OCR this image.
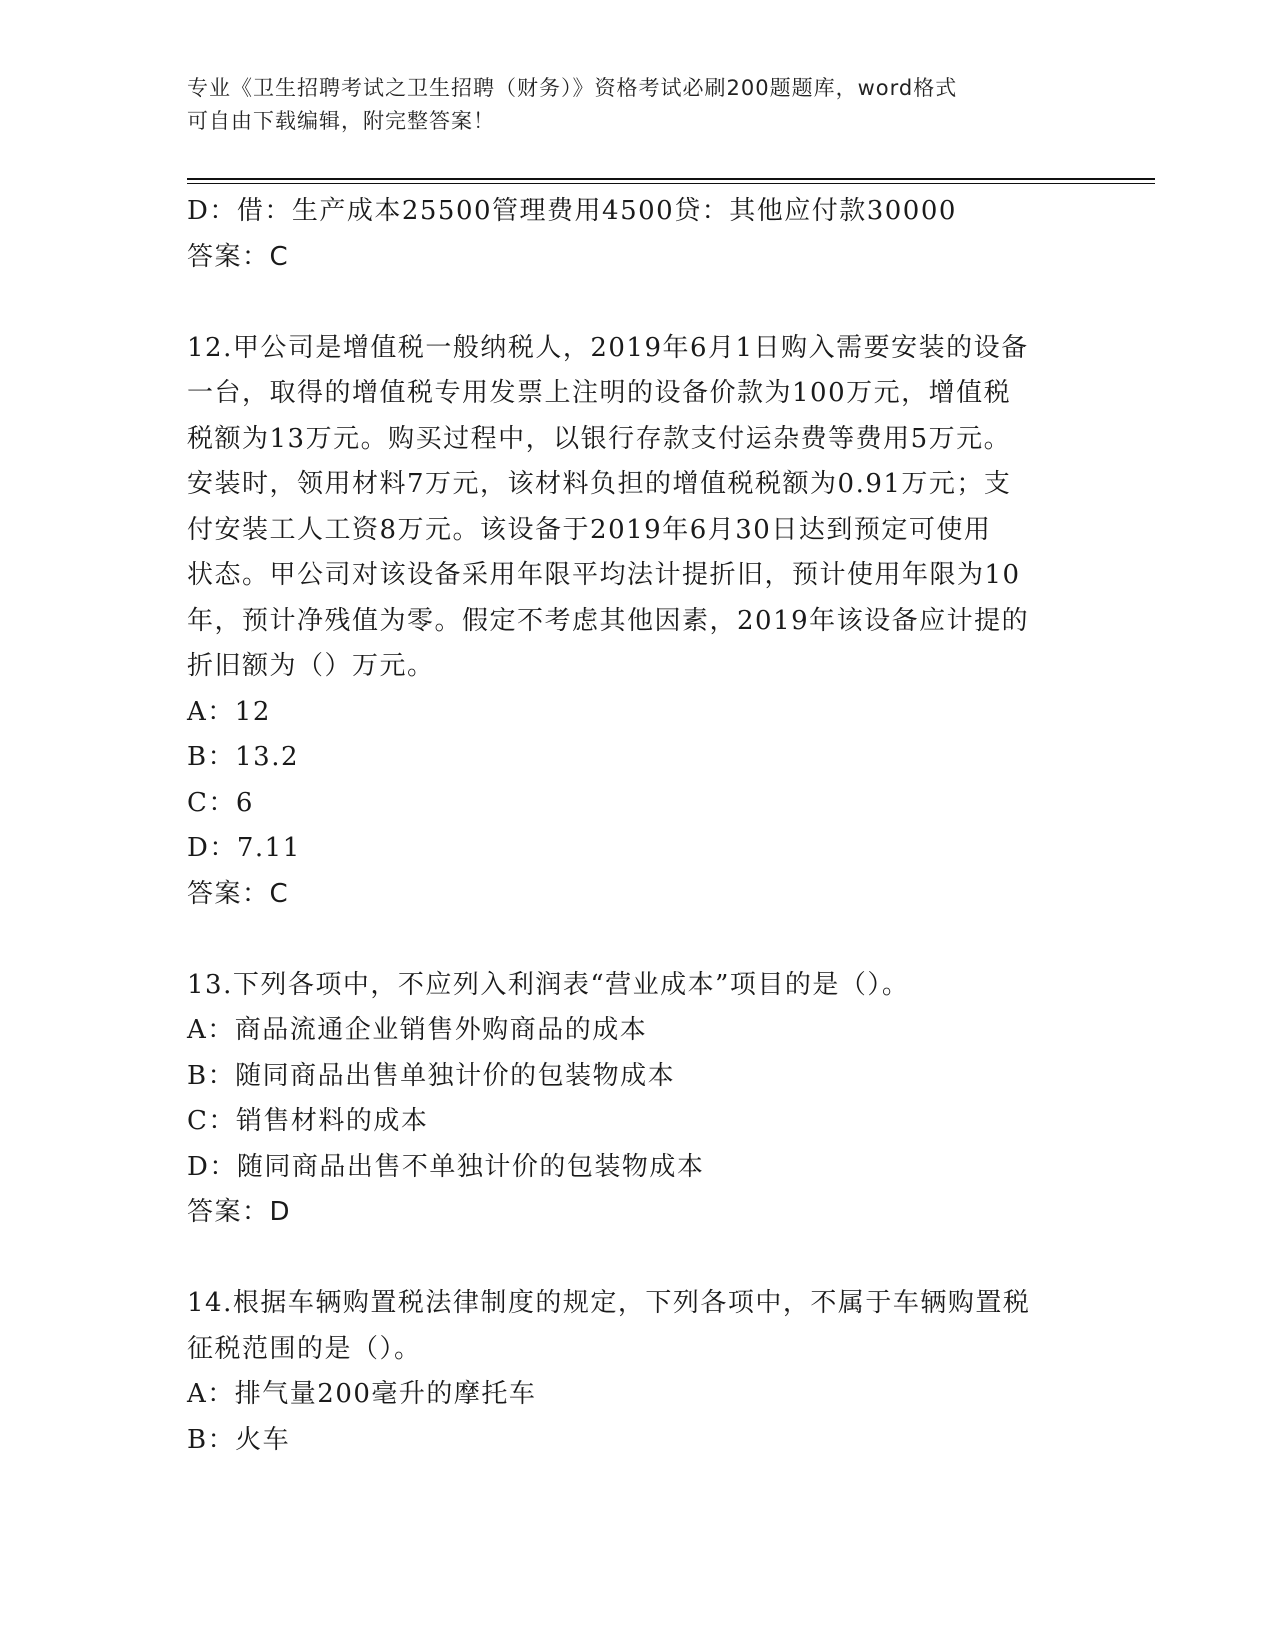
专业《卫生招聘考试之卫生招聘（财务）》资格考试必刷200题题库，word格式

可自由下载编辑，附完整答案！

D：借：生产成本25500管理费用4500贷：其他应付款30000

答案：C

12.甲公司是增值税一般纳税人，2019年6月1日购入需要安装的设备

一台，取得的增值税专用发票上注明的设备价款为100万元，增值税

税额为13万元。购买过程中，以银行存款支付运杂费等费用5万元。

安装时，领用材料7万元，该材料负担的增值税税额为0.91万元；支

付安装工人工资8万元。该设备于2019年6月30日达到预定可使用

状态。甲公司对该设备采用年限平均法计提折旧，预计使用年限为10

年，预计净残值为零。假定不考虑其他因素，2019年该设备应计提的

折旧额为（）万元。

A：12

B：13.2

C：6

D：7.11

答案：C

13.下列各项中，不应列入利润表“营业成本”项目的是（）。

A：商品流通企业销售外购商品的成本

B：随同商品出售单独计价的包装物成本

C：销售材料的成本

D：随同商品出售不单独计价的包装物成本

答案：D

14.根据车辆购置税法律制度的规定，下列各项中，不属于车辆购置税

征税范围的是（）。

A：排气量200毫升的摩托车

B：火车
